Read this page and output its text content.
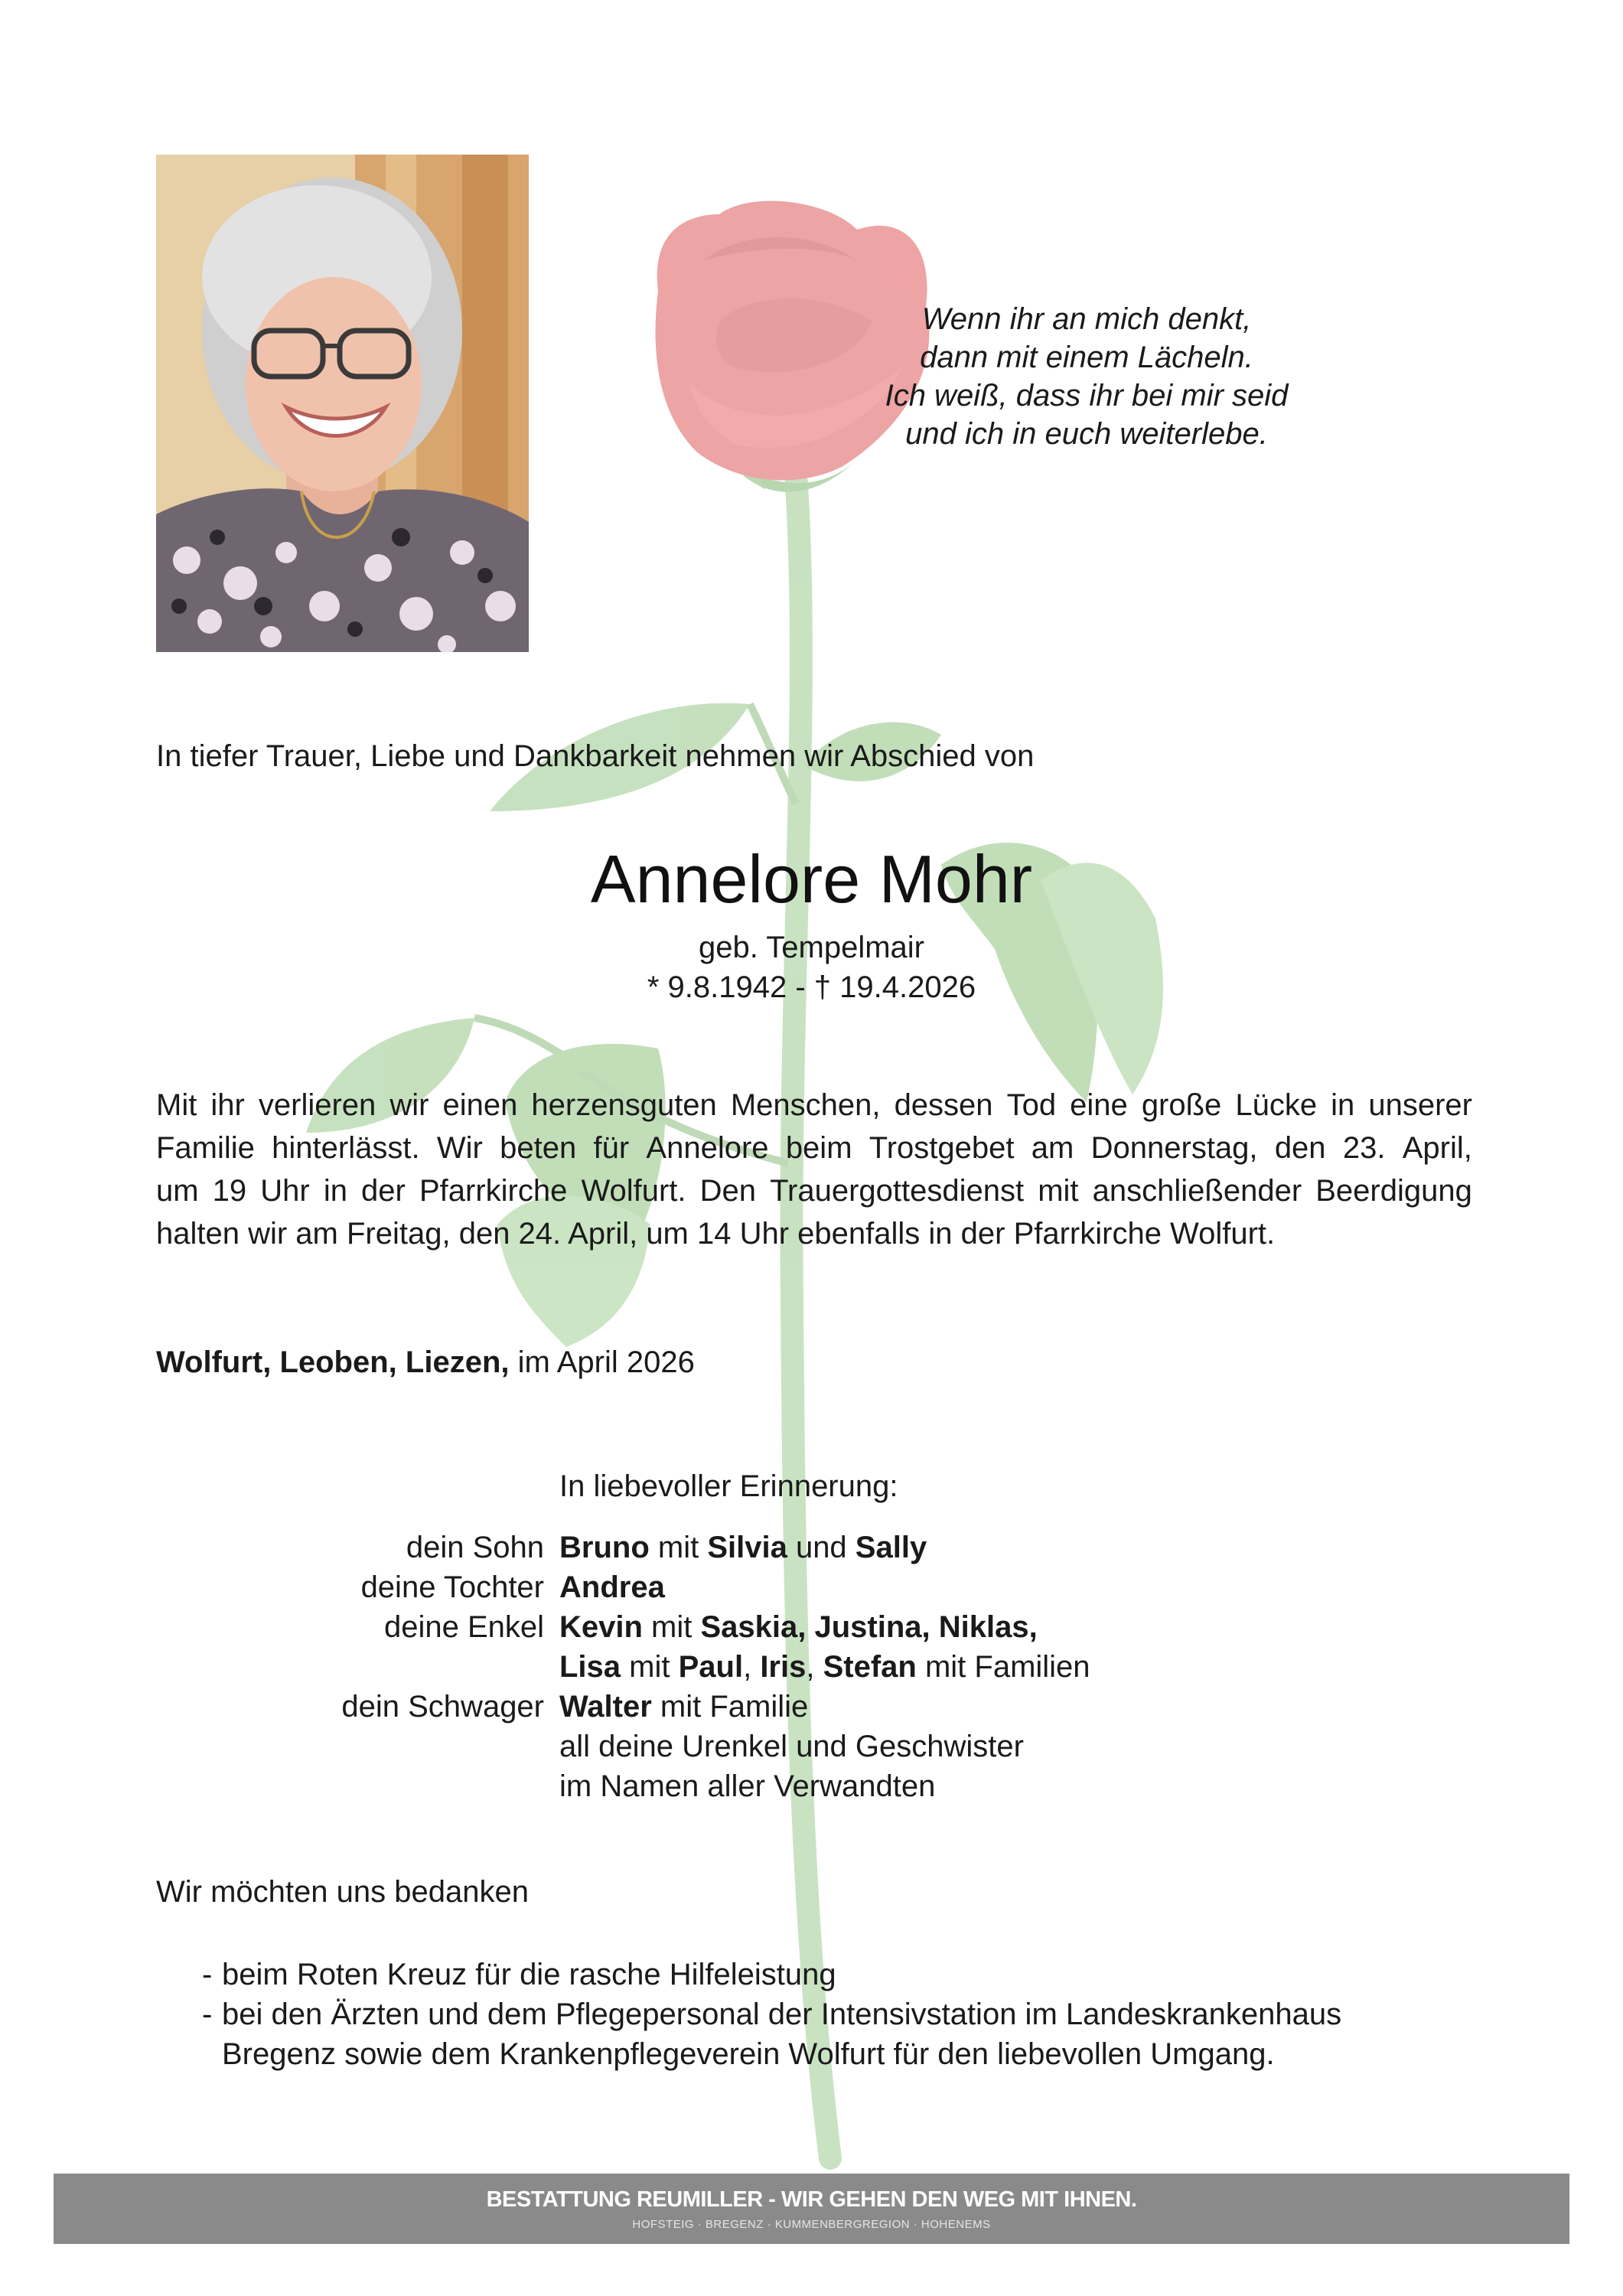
Wenn ihr an mich denkt,
dann mit einem Lächeln.
Ich weiß, dass ihr bei mir seid
und ich in euch weiterlebe.
In tiefer Trauer, Liebe und Dankbarkeit nehmen wir Abschied von
Annelore Mohr
geb. Tempelmair
* 9.8.1942 - † 19.4.2026
Mit ihr verlieren wir einen herzensguten Menschen, dessen Tod eine große Lücke in unserer
Familie hinterlässt. Wir beten für Annelore beim Trostgebet am Donnerstag, den 23. April,
um 19 Uhr in der Pfarrkirche Wolfurt. Den Trauergottesdienst mit anschließender Beerdigung
halten wir am Freitag, den 24. April, um 14 Uhr ebenfalls in der Pfarrkirche Wolfurt.
Wolfurt, Leoben, Liezen, im April 2026
In liebevoller Erinnerung:
dein Sohn Bruno mit Silvia und Sally
deine Tochter Andrea
deine Enkel Kevin mit Saskia, Justina, Niklas,
Lisa mit Paul, Iris, Stefan mit Familien
dein Schwager Walter mit Familie
all deine Urenkel und Geschwister
im Namen aller Verwandten
Wir möchten uns bedanken
- beim Roten Kreuz für die rasche Hilfeleistung
- bei den Ärzten und dem Pflegepersonal der Intensivstation im Landeskrankenhaus
Bregenz sowie dem Krankenpflegeverein Wolfurt für den liebevollen Umgang.
BESTATTUNG REUMILLER - WIR GEHEN DEN WEG MIT IHNEN.
HOFSTEIG · BREGENZ · KUMMENBERGREGION · HOHENEMS
